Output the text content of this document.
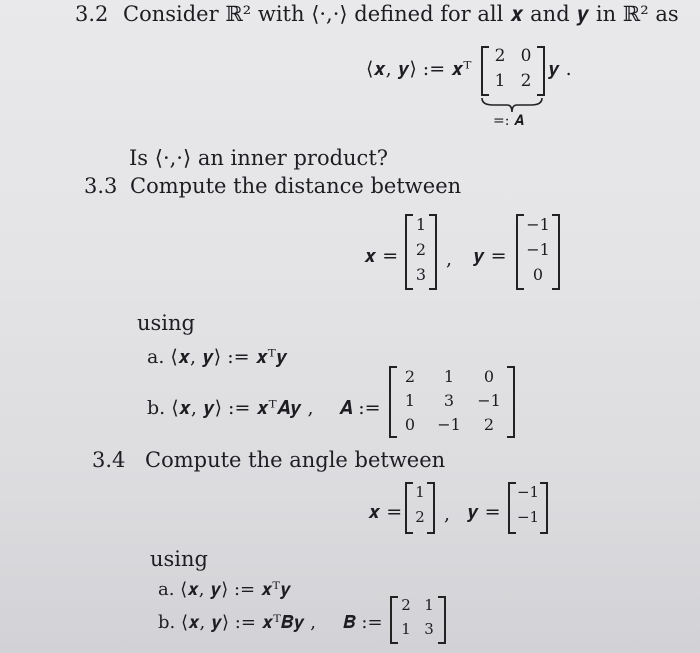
3.2 Consider ℝ² with ⟨·,·⟩ defined for all 𝒙 and 𝒚 in ℝ² as
⟨𝒙, 𝒚⟩ := 𝒙ᵀ
2 0
1 2
𝒚 .
=: 𝑨
Is ⟨·,·⟩ an inner product?
3.3 Compute the distance between
𝒙 =
1
2
3
, 𝒚 =
−1
−1
0
using
a. ⟨𝒙, 𝒚⟩ := 𝒙ᵀ𝒚
b. ⟨𝒙, 𝒚⟩ := 𝒙ᵀ𝑨𝒚 , 𝑨 :=
2	1	0
1	3	−1
0	−1	2
3.4 Compute the angle between
𝒙 =
1
2	, 𝒚 =
−1
−1
using
a. ⟨𝒙, 𝒚⟩ := 𝒙ᵀ𝒚
b. ⟨𝒙, 𝒚⟩ := 𝒙ᵀ𝑩𝒚 , 𝑩 :=
2 1
1 3
